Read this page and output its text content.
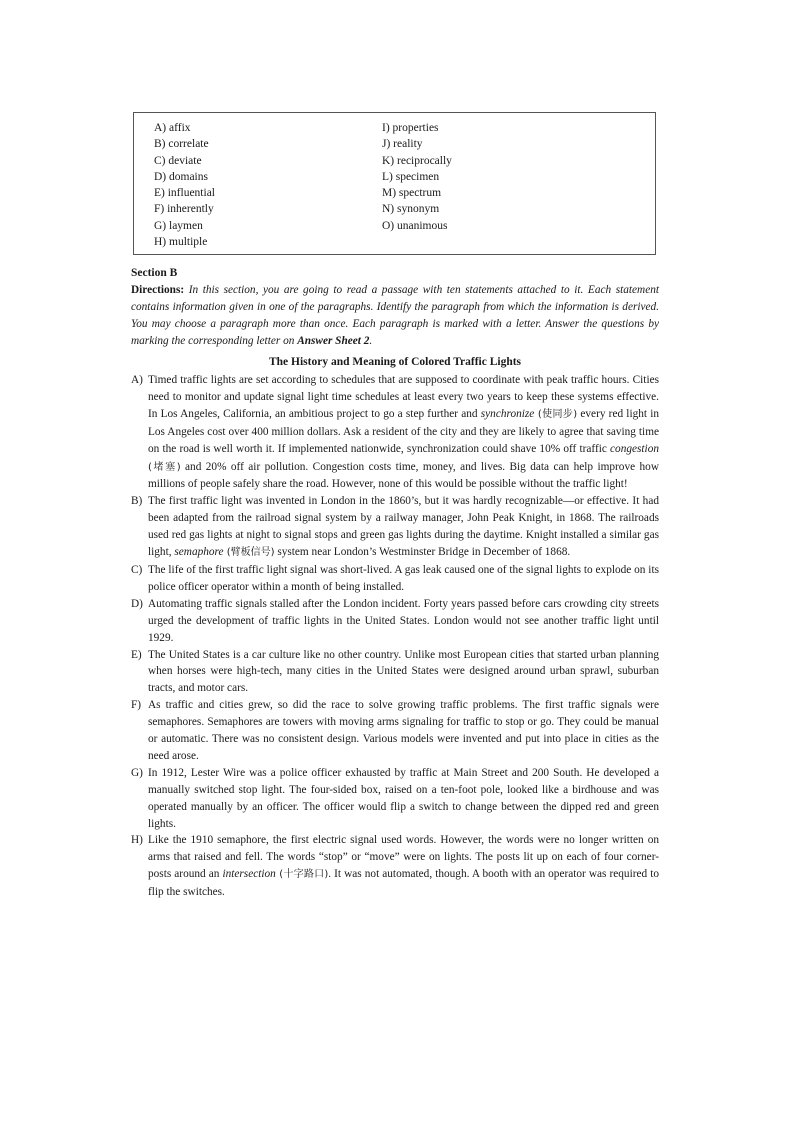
A) affix
B) correlate
C) deviate
D) domains
E) influential
F) inherently
G) laymen
H) multiple
I) properties
J) reality
K) reciprocally
L) specimen
M) spectrum
N) synonym
O) unanimous
Section B
Directions: In this section, you are going to read a passage with ten statements attached to it. Each statement contains information given in one of the paragraphs. Identify the paragraph from which the information is derived. You may choose a paragraph more than once. Each paragraph is marked with a letter. Answer the questions by marking the corresponding letter on Answer Sheet 2.
The History and Meaning of Colored Traffic Lights
A) Timed traffic lights are set according to schedules that are supposed to coordinate with peak traffic hours. Cities need to monitor and update signal light time schedules at least every two years to keep these systems effective. In Los Angeles, California, an ambitious project to go a step further and synchronize (使同步) every red light in Los Angeles cost over 400 million dollars. Ask a resident of the city and they are likely to agree that saving time on the road is well worth it. If implemented nationwide, synchronization could shave 10% off traffic congestion (堵塞) and 20% off air pollution. Congestion costs time, money, and lives. Big data can help improve how millions of people safely share the road. However, none of this would be possible without the traffic light!
B) The first traffic light was invented in London in the 1860’s, but it was hardly recognizable—or effective. It had been adapted from the railroad signal system by a railway manager, John Peak Knight, in 1868. The railroads used red gas lights at night to signal stops and green gas lights during the daytime. Knight installed a similar gas light, semaphore (臂板信号) system near London’s Westminster Bridge in December of 1868.
C) The life of the first traffic light signal was short-lived. A gas leak caused one of the signal lights to explode on its police officer operator within a month of being installed.
D) Automating traffic signals stalled after the London incident. Forty years passed before cars crowding city streets urged the development of traffic lights in the United States. London would not see another traffic light until 1929.
E) The United States is a car culture like no other country. Unlike most European cities that started urban planning when horses were high-tech, many cities in the United States were designed around urban sprawl, suburban tracts, and motor cars.
F) As traffic and cities grew, so did the race to solve growing traffic problems. The first traffic signals were semaphores. Semaphores are towers with moving arms signaling for traffic to stop or go. They could be manual or automatic. There was no consistent design. Various models were invented and put into place in cities as the need arose.
G) In 1912, Lester Wire was a police officer exhausted by traffic at Main Street and 200 South. He developed a manually switched stop light. The four-sided box, raised on a ten-foot pole, looked like a birdhouse and was operated manually by an officer. The officer would flip a switch to change between the dipped red and green lights.
H) Like the 1910 semaphore, the first electric signal used words. However, the words were no longer written on arms that raised and fell. The words “stop” or “move” were on lights. The posts lit up on each of four corner-posts around an intersection (十字路口). It was not automated, though. A booth with an operator was required to flip the switches.
